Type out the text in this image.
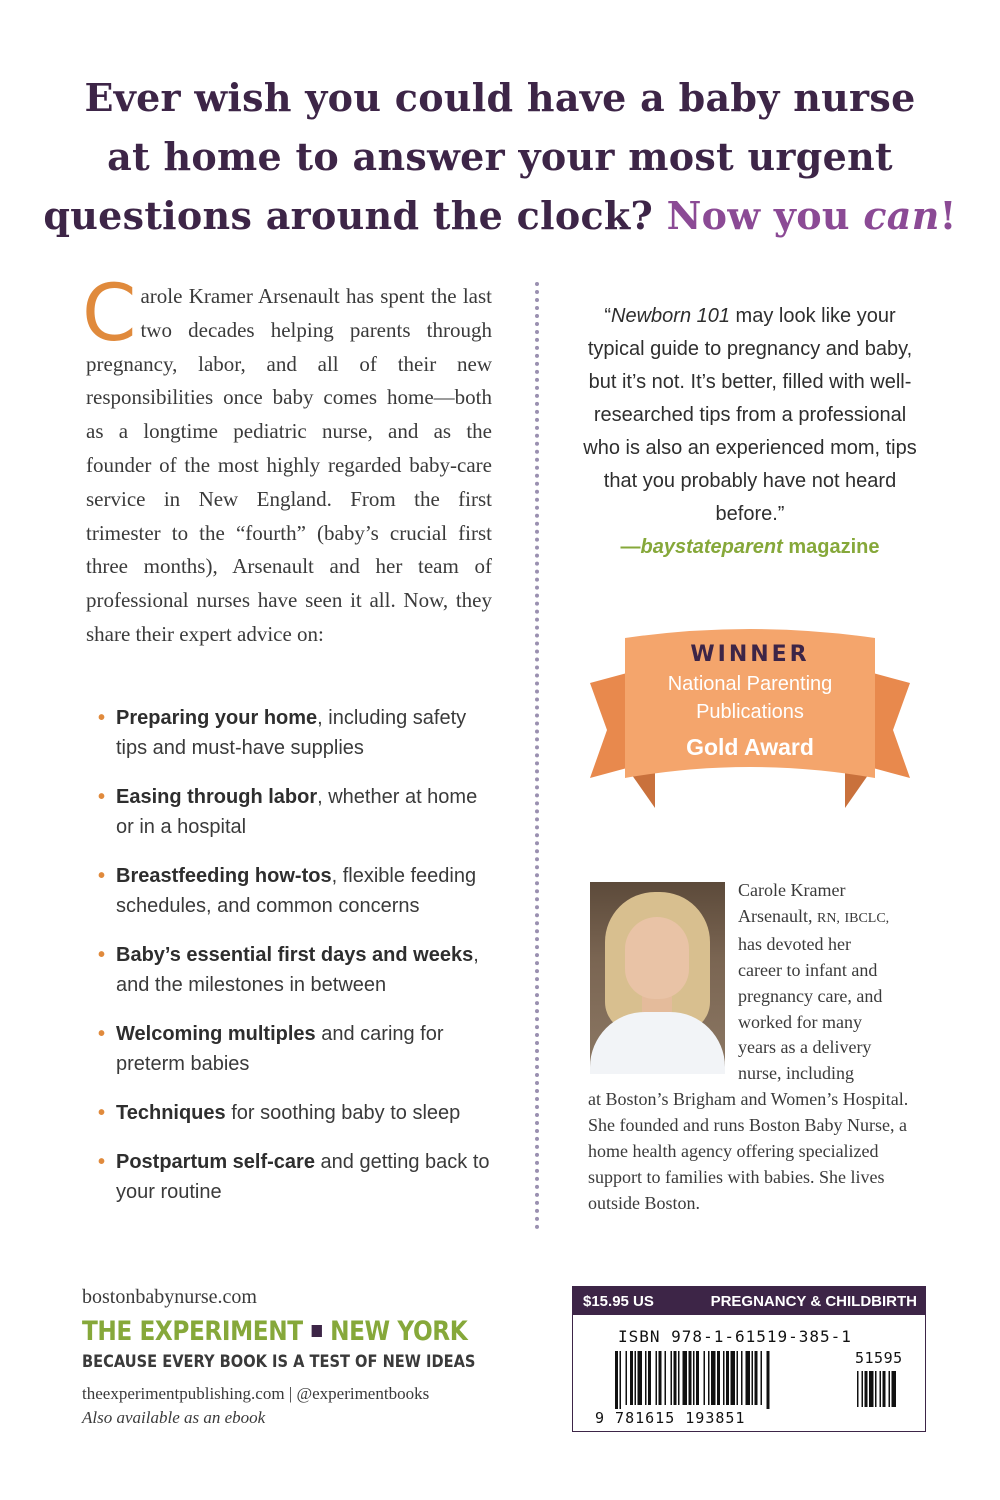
Ever wish you could have a baby nurse
at home to answer your most urgent
questions around the clock? Now you can!
Carole Kramer Arsenault has spent the last two decades helping parents through pregnancy, labor, and all of their new responsibilities once baby comes home—both as a longtime pediatric nurse, and as the founder of the most highly regarded baby-care service in New England. From the first trimester to the “fourth” (baby’s crucial first three months), Arsenault and her team of professional nurses have seen it all. Now, they share their expert advice on:
• Preparing your home, including safety tips and must-have supplies
• Easing through labor, whether at home or in a hospital
• Breastfeeding how-tos, flexible feeding schedules, and common concerns
• Baby’s essential first days and weeks, and the milestones in between
• Welcoming multiples and caring for preterm babies
• Techniques for soothing baby to sleep
• Postpartum self-care and getting back to your routine
“Newborn 101 may look like your typical guide to pregnancy and baby, but it’s not. It’s better, filled with well-researched tips from a professional who is also an experienced mom, tips that you probably have not heard before.”
—baystateparent magazine
WINNER
National Parenting
Publications
Gold Award
Carole Kramer
Arsenault, RN, IBCLC,
has devoted her
career to infant and
pregnancy care, and
worked for many
years as a delivery
nurse, including
at Boston’s Brigham and Women’s Hospital. She founded and runs Boston Baby Nurse, a home health agency offering specialized support to families with babies. She lives outside Boston.
bostonbabynurse.com
THE EXPERIMENT NEW YORK
BECAUSE EVERY BOOK IS A TEST OF NEW IDEAS
theexperimentpublishing.com | @experimentbooks
Also available as an ebook
$15.95 US	PREGNANCY & CHILDBIRTH
ISBN 978-1-61519-385-1
9 781615 193851
51595
